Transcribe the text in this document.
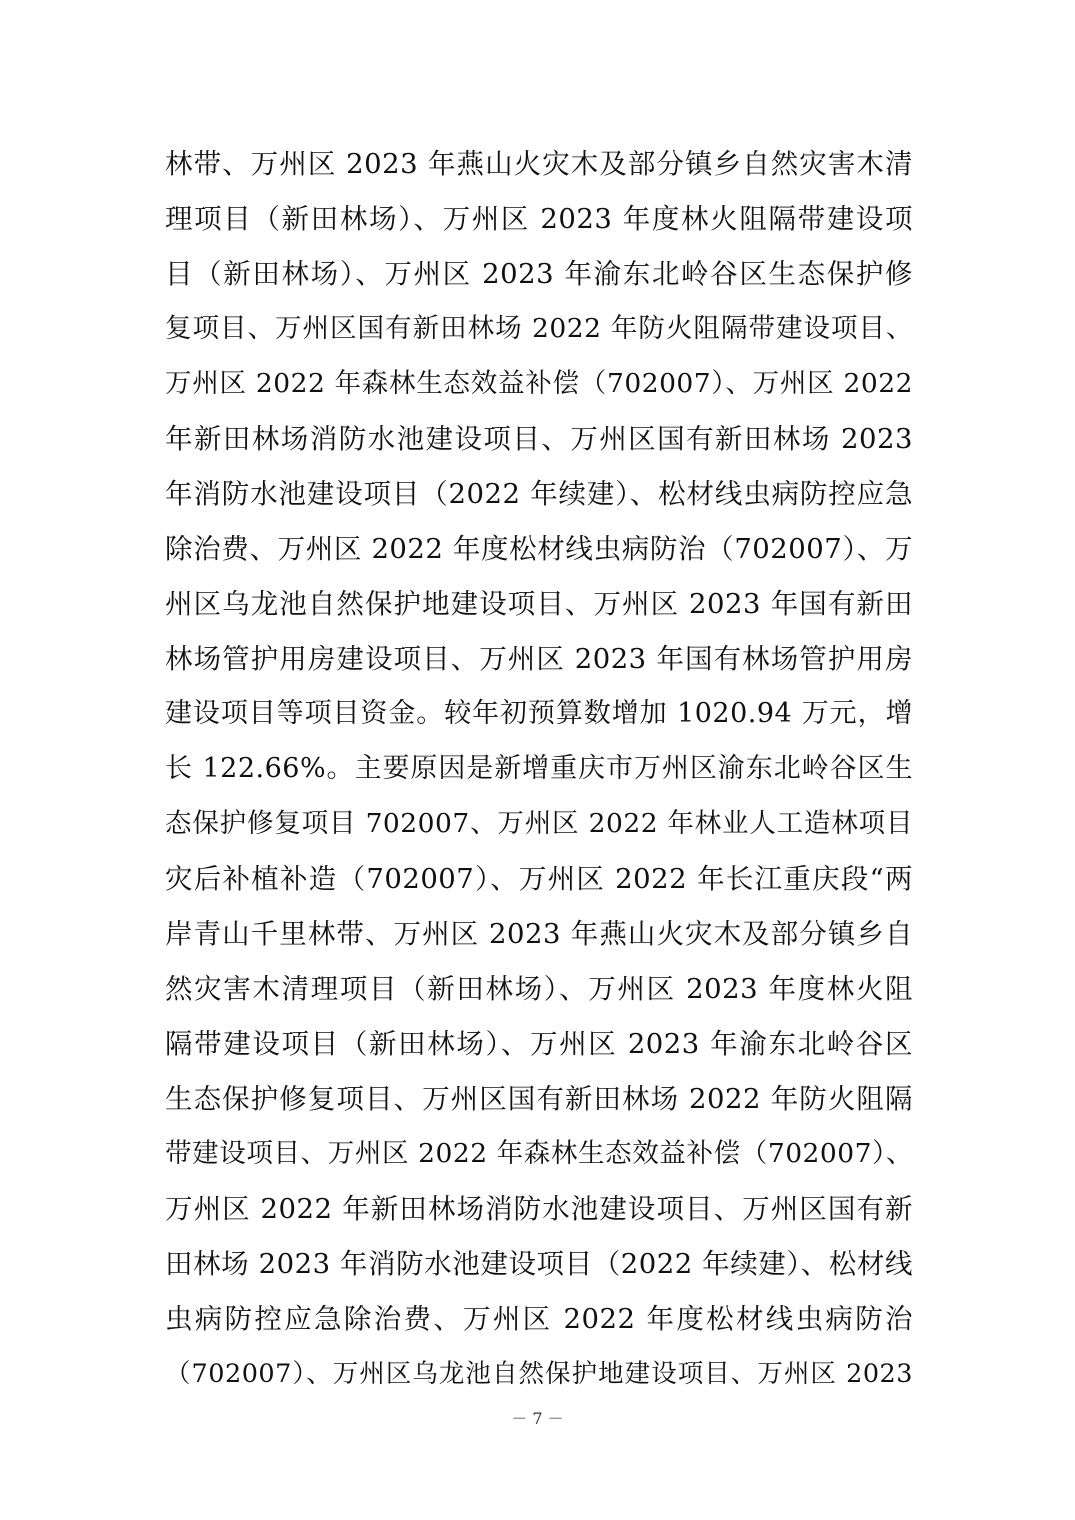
林带、万州区 2023 年燕山火灾木及部分镇乡自然灾害木清
理项目（新田林场）、万州区 2023 年度林火阻隔带建设项
目（新田林场）、万州区 2023 年渝东北岭谷区生态保护修
复项目、万州区国有新田林场 2022 年防火阻隔带建设项目、
万州区 2022 年森林生态效益补偿（702007）、万州区 2022
年新田林场消防水池建设项目、万州区国有新田林场 2023
年消防水池建设项目（2022 年续建）、松材线虫病防控应急
除治费、万州区 2022 年度松材线虫病防治（702007）、万
州区乌龙池自然保护地建设项目、万州区 2023 年国有新田
林场管护用房建设项目、万州区 2023 年国有林场管护用房
建设项目等项目资金。较年初预算数增加 1020.94 万元，增
长 122.66%。主要原因是新增重庆市万州区渝东北岭谷区生
态保护修复项目 702007、万州区 2022 年林业人工造林项目
灾后补植补造（702007）、万州区 2022 年长江重庆段“两
岸青山千里林带、万州区 2023 年燕山火灾木及部分镇乡自
然灾害木清理项目（新田林场）、万州区 2023 年度林火阻
隔带建设项目（新田林场）、万州区 2023 年渝东北岭谷区
生态保护修复项目、万州区国有新田林场 2022 年防火阻隔
带建设项目、万州区 2022 年森林生态效益补偿（702007）、
万州区 2022 年新田林场消防水池建设项目、万州区国有新
田林场 2023 年消防水池建设项目（2022 年续建）、松材线
虫病防控应急除治费、万州区 2022 年度松材线虫病防治
（702007）、万州区乌龙池自然保护地建设项目、万州区 2023
－ 7 －
